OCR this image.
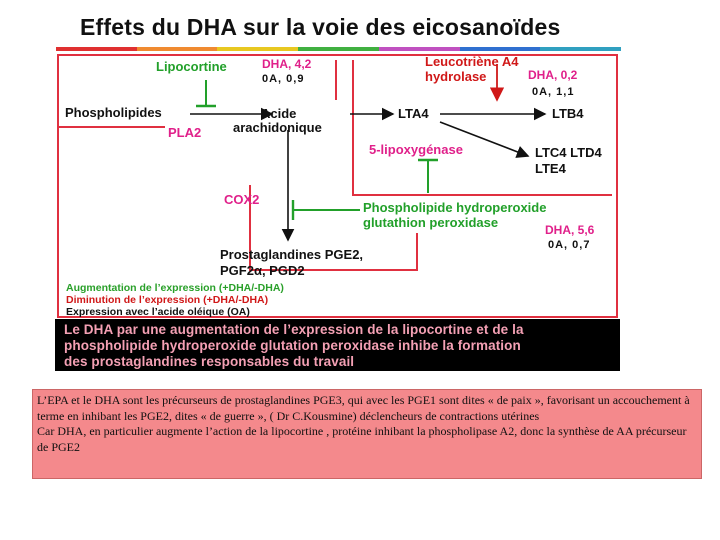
Effets du DHA sur la voie des eicosanoïdes
Lipocortine	DHA, 4,2
0A, 0,9
Leucotriène A4
hydrolase	DHA, 0,2
0A, 1,1
Phospholipides
PLA2
Acide
arachidonique
LTA4	LTB4
5-lipoxygénase	LTC4 LTD4
LTE4
COX2
Phospholipide hydroperoxide
glutathion peroxidase	DHA, 5,6
0A, 0,7
Prostaglandines PGE2,
PGF2α, PGD2
Augmentation de l’expression (+DHA/-DHA)
Diminution de l’expression (+DHA/-DHA)
Expression avec l’acide oléique (OA)
Le DHA par une augmentation de l’expression de la lipocortine et de la
phospholipide hydroperoxide glutation peroxidase inhibe la formation
des prostaglandines responsables du travail

L’EPA et le DHA sont les précurseurs de prostaglandines PGE3, qui avec les PGE1 sont dites « de paix », favorisant un accouchement à terme en inhibant les PGE2, dites « de guerre », ( Dr C.Kousmine) déclencheurs de contractions utérines

Car DHA, en particulier augmente l’action de la lipocortine , protéine inhibant la phospholipase A2, donc la synthèse de AA précurseur de PGE2
